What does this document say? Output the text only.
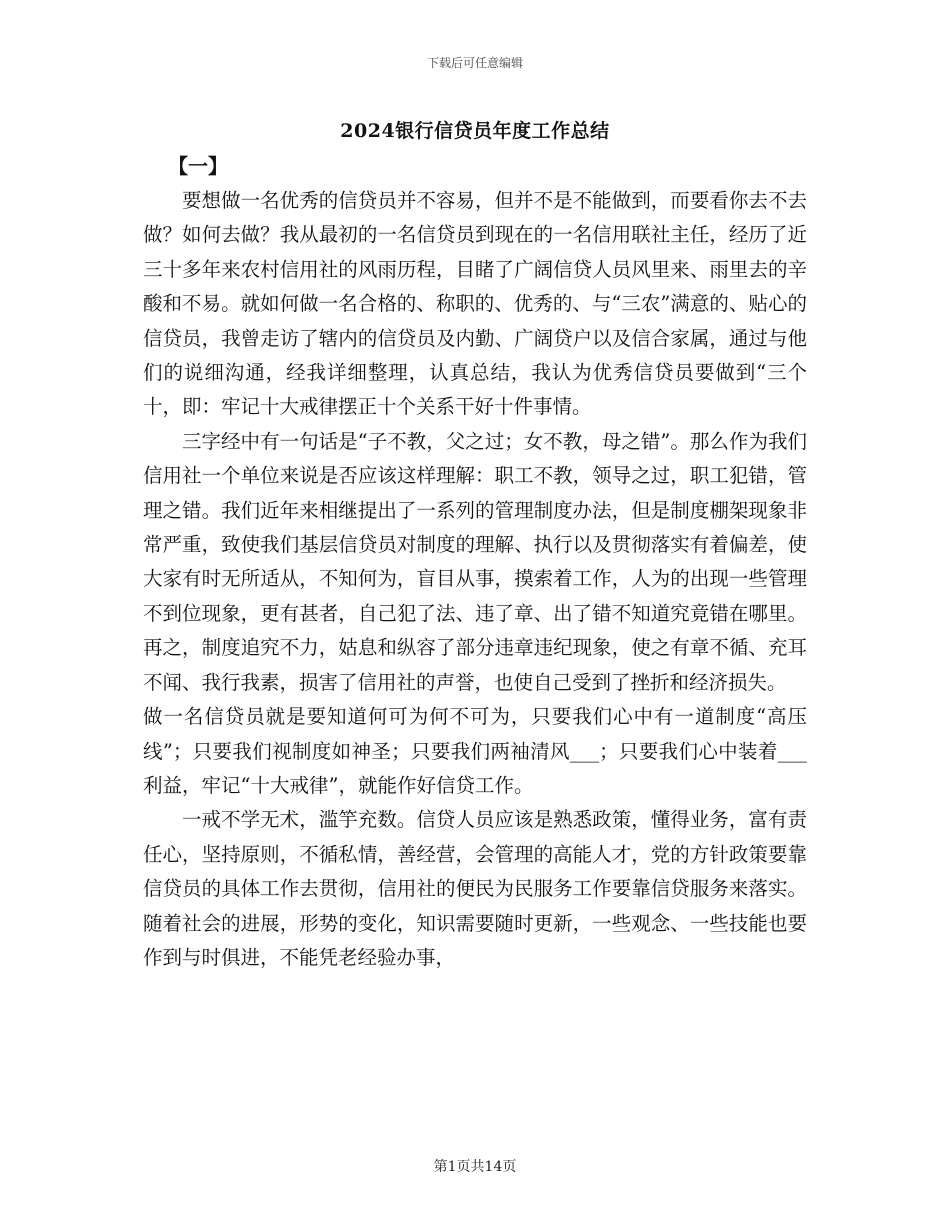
下载后可任意编辑
2024银行信贷员年度工作总结
【一】

要想做一名优秀的信贷员并不容易，但并不是不能做到，而要看你去不去做？如何去做？我从最初的一名信贷员到现在的一名信用联社主任，经历了近三十多年来农村信用社的风雨历程，目睹了广阔信贷人员风里来、雨里去的辛酸和不易。就如何做一名合格的、称职的、优秀的、与“三农”满意的、贴心的信贷员，我曾走访了辖内的信贷员及内勤、广阔贷户以及信合家属，通过与他们的说细沟通，经我详细整理，认真总结，我认为优秀信贷员要做到“三个十，即：牢记十大戒律摆正十个关系干好十件事情。

三字经中有一句话是“子不教，父之过；女不教，母之错”。那么作为我们信用社一个单位来说是否应该这样理解：职工不教，领导之过，职工犯错，管理之错。我们近年来相继提出了一系列的管理制度办法，但是制度棚架现象非常严重，致使我们基层信贷员对制度的理解、执行以及贯彻落实有着偏差，使大家有时无所适从，不知何为，盲目从事，摸索着工作，人为的出现一些管理不到位现象，更有甚者，自己犯了法、违了章、出了错不知道究竟错在哪里。再之，制度追究不力，姑息和纵容了部分违章违纪现象，使之有章不循、充耳不闻、我行我素，损害了信用社的声誉，也使自己受到了挫折和经济损失。

做一名信贷员就是要知道何可为何不可为，只要我们心中有一道制度“高压线”；只要我们视制度如神圣；只要我们两袖清风___；只要我们心中装着___利益，牢记“十大戒律”，就能作好信贷工作。

一戒不学无术，滥竽充数。信贷人员应该是熟悉政策，懂得业务，富有责任心，坚持原则，不循私情，善经营，会管理的高能人才，党的方针政策要靠信贷员的具体工作去贯彻，信用社的便民为民服务工作要靠信贷服务来落实。随着社会的进展，形势的变化，知识需要随时更新，一些观念、一些技能也要作到与时俱进，不能凭老经验办事，

第1页共14页
